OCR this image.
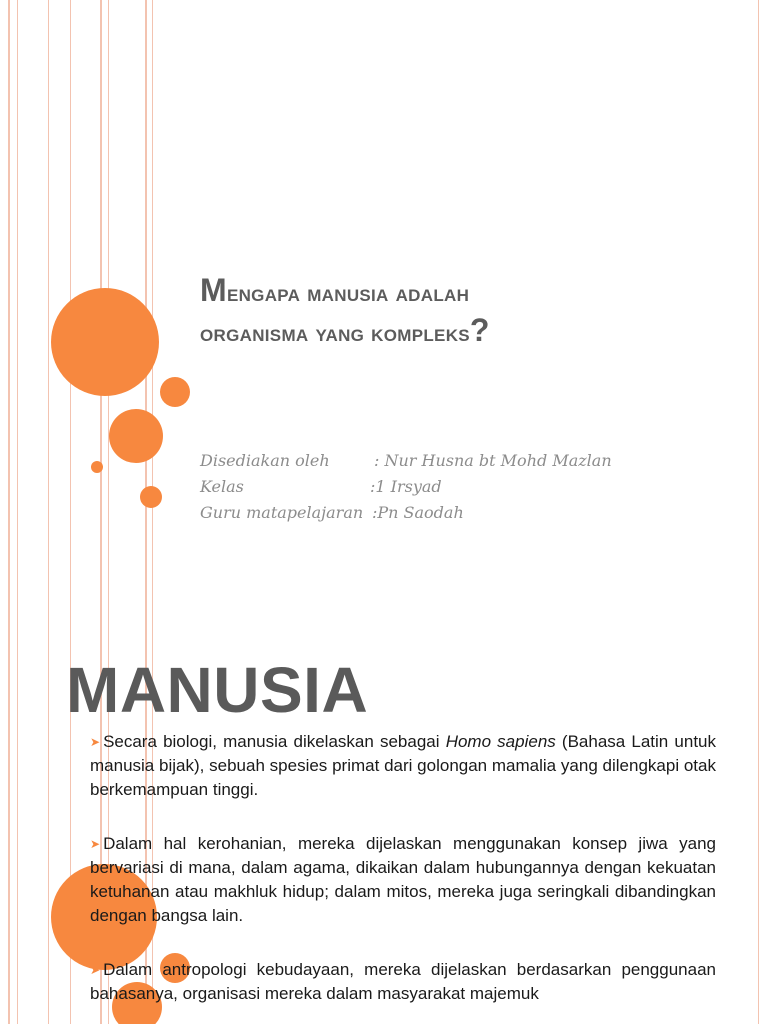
Mengapa manusia adalah
organisma yang kompleks?
Disediakan oleh	: Nur Husna bt Mohd Mazlan
Kelas	:1 Irsyad
Guru matapelajaran :Pn Saodah
MANUSIA

➤ Secara biologi, manusia dikelaskan sebagai Homo sapiens (Bahasa Latin untuk manusia bijak), sebuah spesies primat dari golongan mamalia yang dilengkapi otak berkemampuan tinggi.

➤ Dalam hal kerohanian, mereka dijelaskan menggunakan konsep jiwa yang bervariasi di mana, dalam agama, dikaikan dalam hubungannya dengan kekuatan ketuhanan atau makhluk hidup; dalam mitos, mereka juga seringkali dibandingkan dengan bangsa lain.

➤ Dalam antropologi kebudayaan, mereka dijelaskan berdasarkan penggunaan bahasanya, organisasi mereka dalam masyarakat majemuk
